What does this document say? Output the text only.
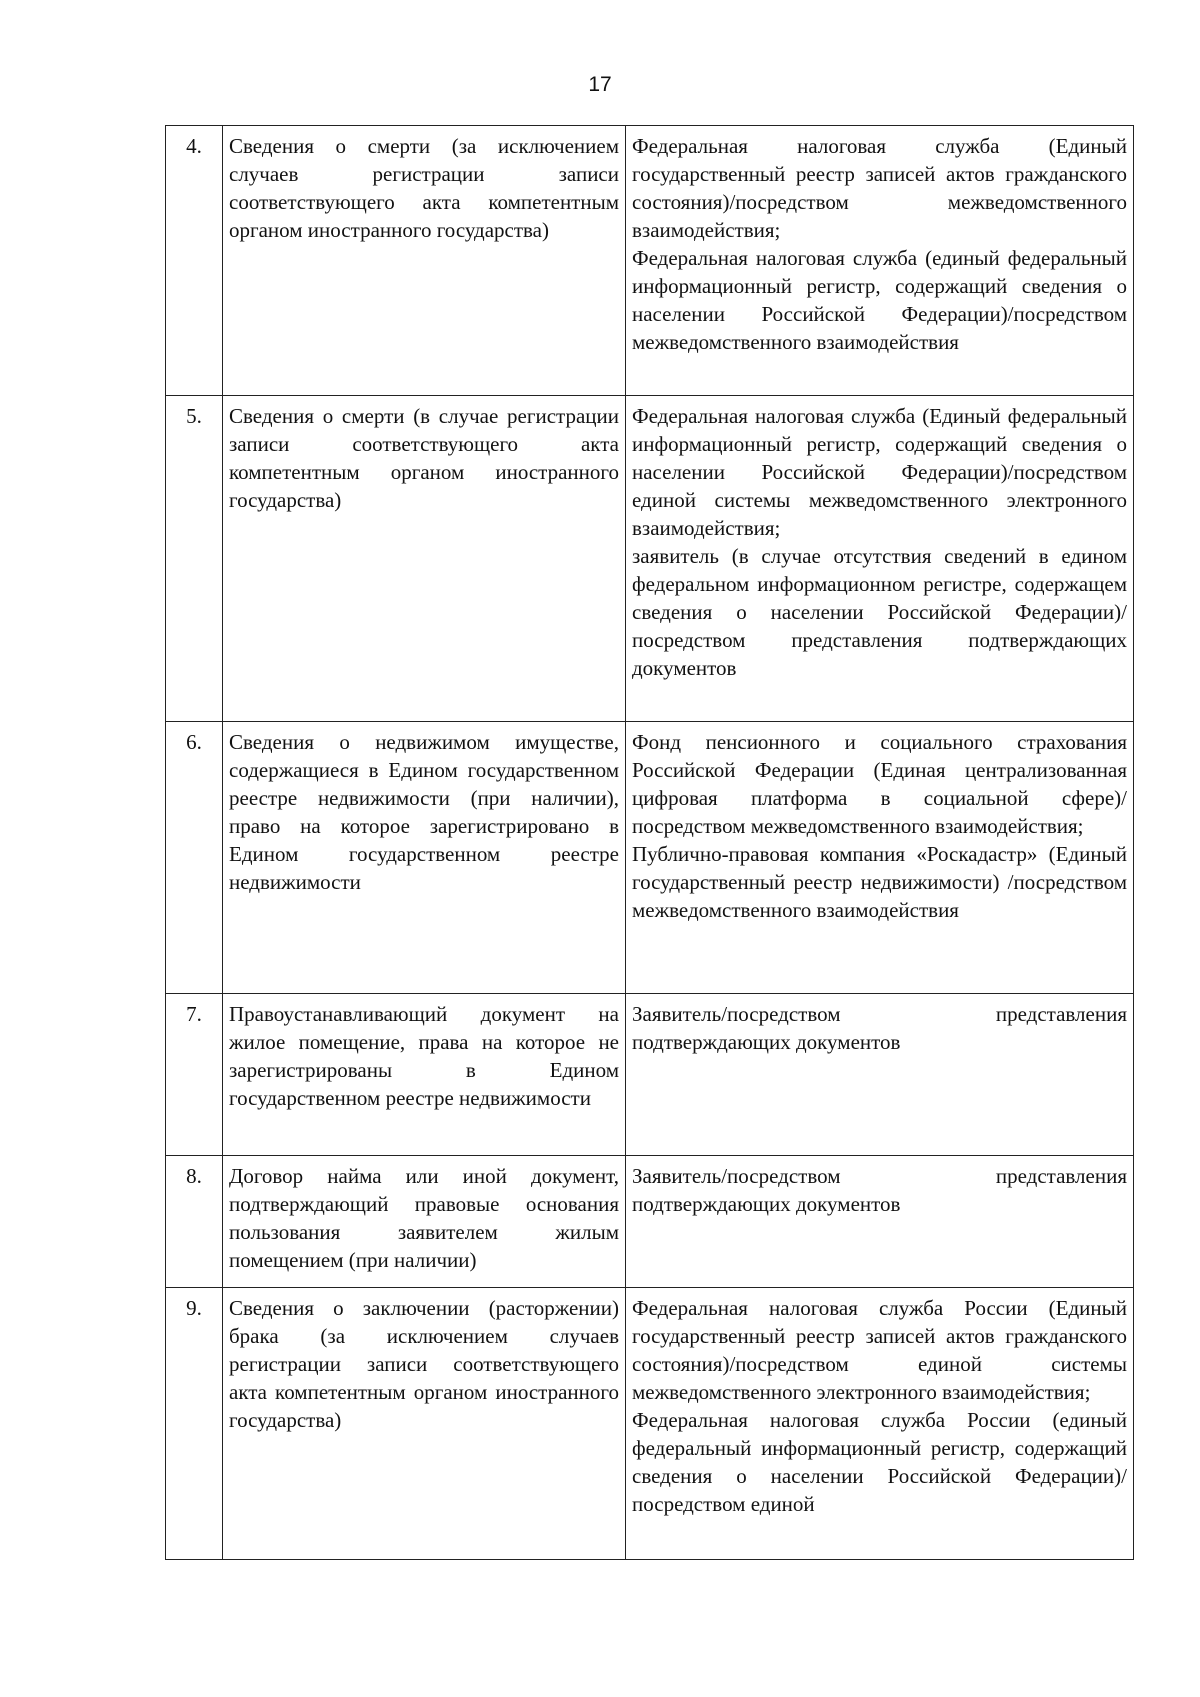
17
4.	Сведения о смерти (за исключением случаев регистрации записи соответствующего акта компетентным органом иностранного государства)	Федеральная налоговая служба (Единый государственный реестр записей актов гражданского состояния)/посредством межведомственного взаимодействия;
Федеральная налоговая служба (единый федеральный информационный регистр, содержащий сведения о населении Российской Федерации)/посредством межведомственного взаимодействия

5.	Сведения о смерти (в случае регистрации записи соответствующего акта компетентным органом иностранного государства)	Федеральная налоговая служба (Единый федеральный информационный регистр, содержащий сведения о населении Российской Федерации)/посредством единой системы межведомственного электронного взаимодействия;
заявитель (в случае отсутствия сведений в едином федеральном информационном регистре, содержащем сведения о населении Российской Федерации)/посредством представления подтверждающих документов

6.	Сведения о недвижимом имуществе, содержащиеся в Едином государственном реестре недвижимости (при наличии), право на которое зарегистрировано в Едином государственном реестре недвижимости	Фонд пенсионного и социального страхования Российской Федерации (Единая централизованная цифровая платформа в социальной сфере)/посредством межведомственного взаимодействия;
Публично-правовая компания «Роскадастр» (Единый государственный реестр недвижимости) /посредством межведомственного взаимодействия

7.	Правоустанавливающий документ на жилое помещение, права на которое не зарегистрированы в Едином государственном реестре недвижимости	Заявитель/посредством представления подтверждающих документов

8.	Договор найма или иной документ, подтверждающий правовые основания пользования заявителем жилым помещением (при наличии)	Заявитель/посредством представления подтверждающих документов

9.	Сведения о заключении (расторжении) брака (за исключением случаев регистрации записи соответствующего акта компетентным органом иностранного государства)	Федеральная налоговая служба России (Единый государственный реестр записей актов гражданского состояния)/посредством единой системы межведомственного электронного взаимодействия;
Федеральная налоговая служба России (единый федеральный информационный регистр, содержащий сведения о населении Российской Федерации)/посредством единой
